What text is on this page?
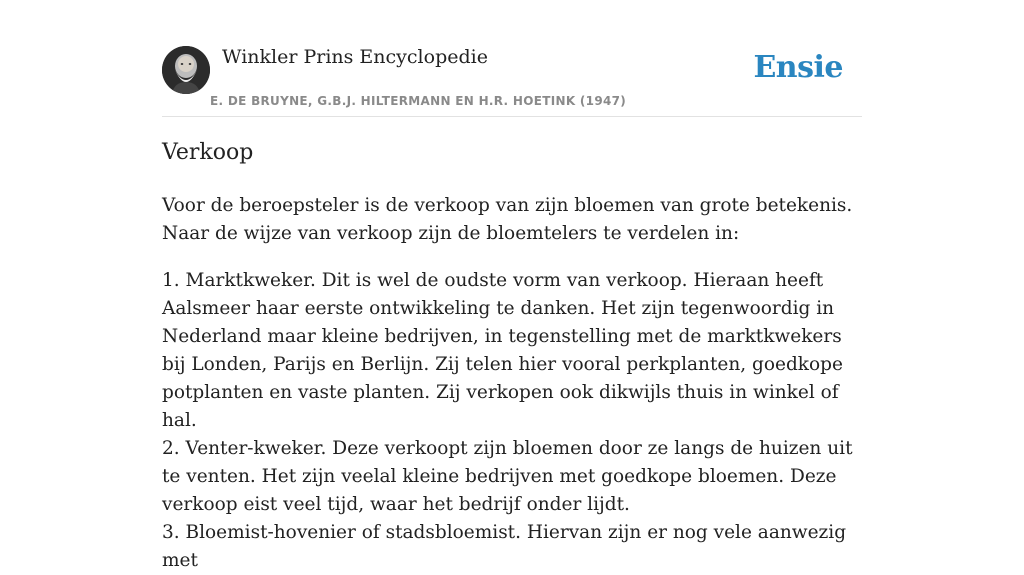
Winkler Prins Encyclopedie
E. DE BRUYNE, G.B.J. HILTERMANN EN H.R. HOETINK (1947)
Ensie
Verkoop

Voor de beroepsteler is de verkoop van zijn bloemen van grote betekenis. Naar de wijze van verkoop zijn de bloemtelers te verdelen in:

1. Marktkweker. Dit is wel de oudste vorm van verkoop. Hieraan heeft Aalsmeer haar eerste ontwikkeling te danken. Het zijn tegenwoordig in Nederland maar kleine bedrijven, in tegenstelling met de marktkwekers bij Londen, Parijs en Berlijn. Zij telen hier vooral perkplanten, goedkope potplanten en vaste planten. Zij verkopen ook dikwijls thuis in winkel of hal.

2. Venter-kweker. Deze verkoopt zijn bloemen door ze langs de huizen uit te venten. Het zijn veelal kleine bedrijven met goedkope bloemen. Deze verkoop eist veel tijd, waar het bedrijf onder lijdt.

3. Bloemist-hovenier of stadsbloemist. Hiervan zijn er nog vele aanwezig met
